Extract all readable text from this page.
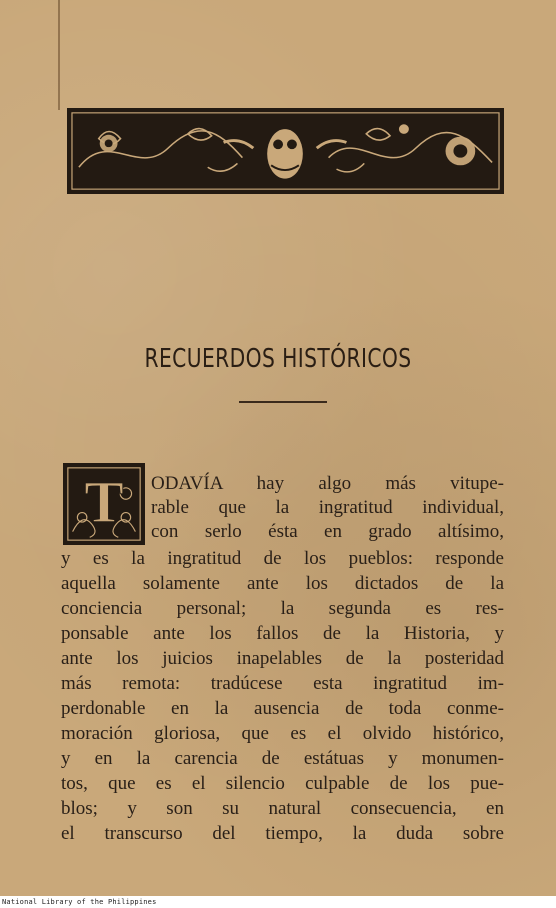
RECUERDOS HISTÓRICOS
T ODAVÍA hay algo más vitupe-
rable que la ingratitud individual,
con serlo ésta en grado altísimo,
y es la ingratitud de los pueblos: responde
aquella solamente ante los dictados de la
conciencia personal; la segunda es res-
ponsable ante los fallos de la Historia, y
ante los juicios inapelables de la posteridad
más remota: tradúcese esta ingratitud im-
perdonable en la ausencia de toda conme-
moración gloriosa, que es el olvido histórico,
y en la carencia de estátuas y monumen-
tos, que es el silencio culpable de los pue-
blos; y son su natural consecuencia, en
el transcurso del tiempo, la duda sobre
National Library of the Philippines
